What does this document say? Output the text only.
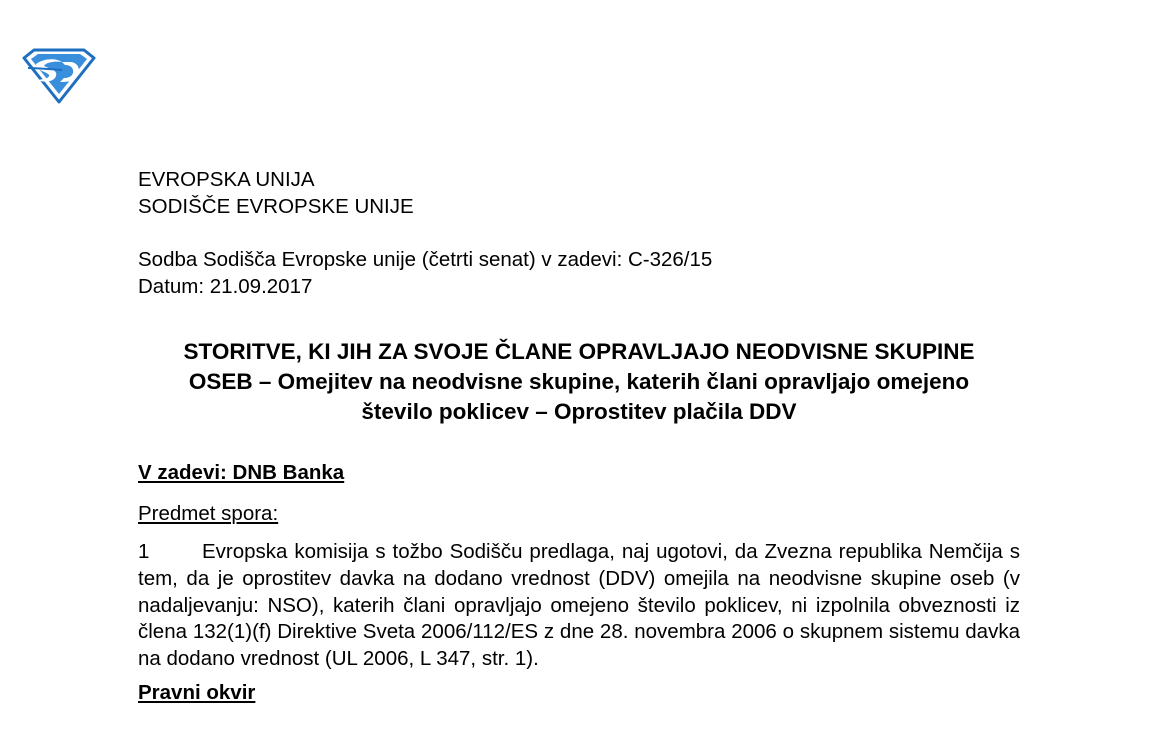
EVROPSKA UNIJA

SODIŠČE EVROPSKE UNIJE

Sodba Sodišča Evropske unije (četrti senat) v zadevi: C-326/15

Datum: 21.09.2017

STORITVE, KI JIH ZA SVOJE ČLANE OPRAVLJAJO NEODVISNE SKUPINE OSEB – Omejitev na neodvisne skupine, katerih člani opravljajo omejeno število poklicev – Oprostitev plačila DDV

V zadevi: DNB Banka

Predmet spora:

1	Evropska komisija s tožbo Sodišču predlaga, naj ugotovi, da Zvezna republika Nemčija s tem, da je oprostitev davka na dodano vrednost (DDV) omejila na neodvisne skupine oseb (v nadaljevanju: NSO), katerih člani opravljajo omejeno število poklicev, ni izpolnila obveznosti iz člena 132(1)(f) Direktive Sveta 2006/112/ES z dne 28. novembra 2006 o skupnem sistemu davka na dodano vrednost (UL 2006, L 347, str. 1).

Pravni okvir
